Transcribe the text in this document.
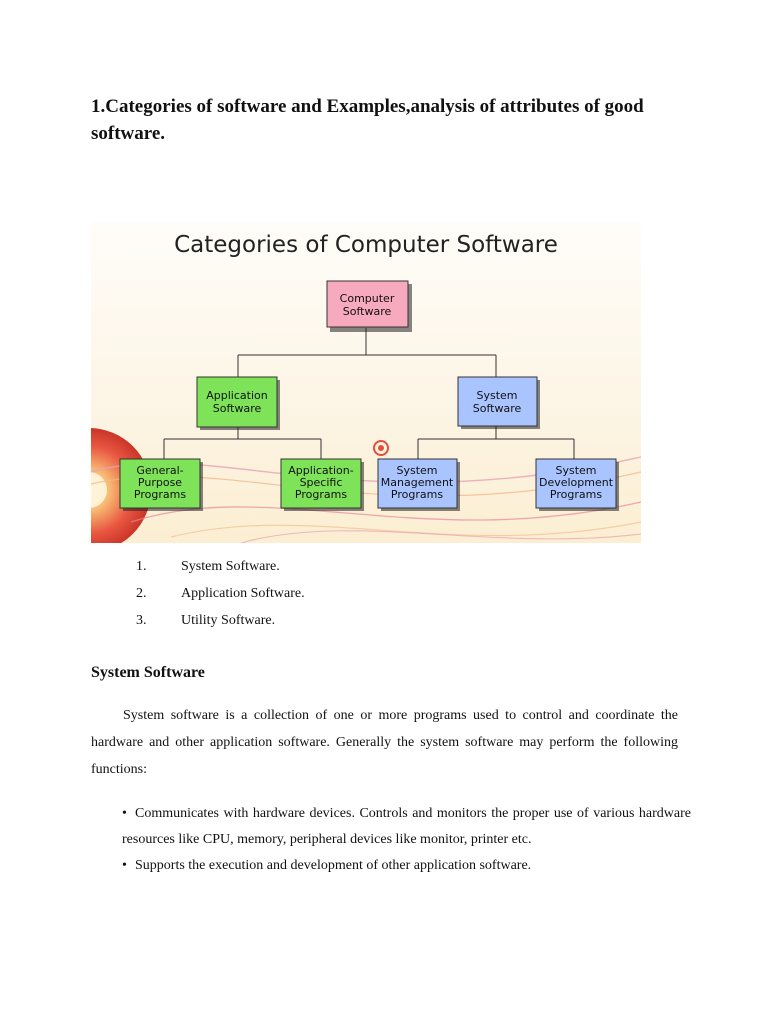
1.Categories of software and Examples,analysis of attributes of good software.
Categories of Computer Software
Computer
Software
Application
Software
System
Software
General-
Purpose
Programs
Application-
Specific
Programs
System
Management
Programs
System
Development
Programs
1. System Software.
2. Application Software.
3. Utility Software.
System Software

System software is a collection of one or more programs used to control and coordinate the hardware and other application software. Generally the system software may perform the following functions:

• Communicates with hardware devices. Controls and monitors the proper use of various hardware resources like CPU, memory, peripheral devices like monitor, printer etc.
• Supports the execution and development of other application software.
